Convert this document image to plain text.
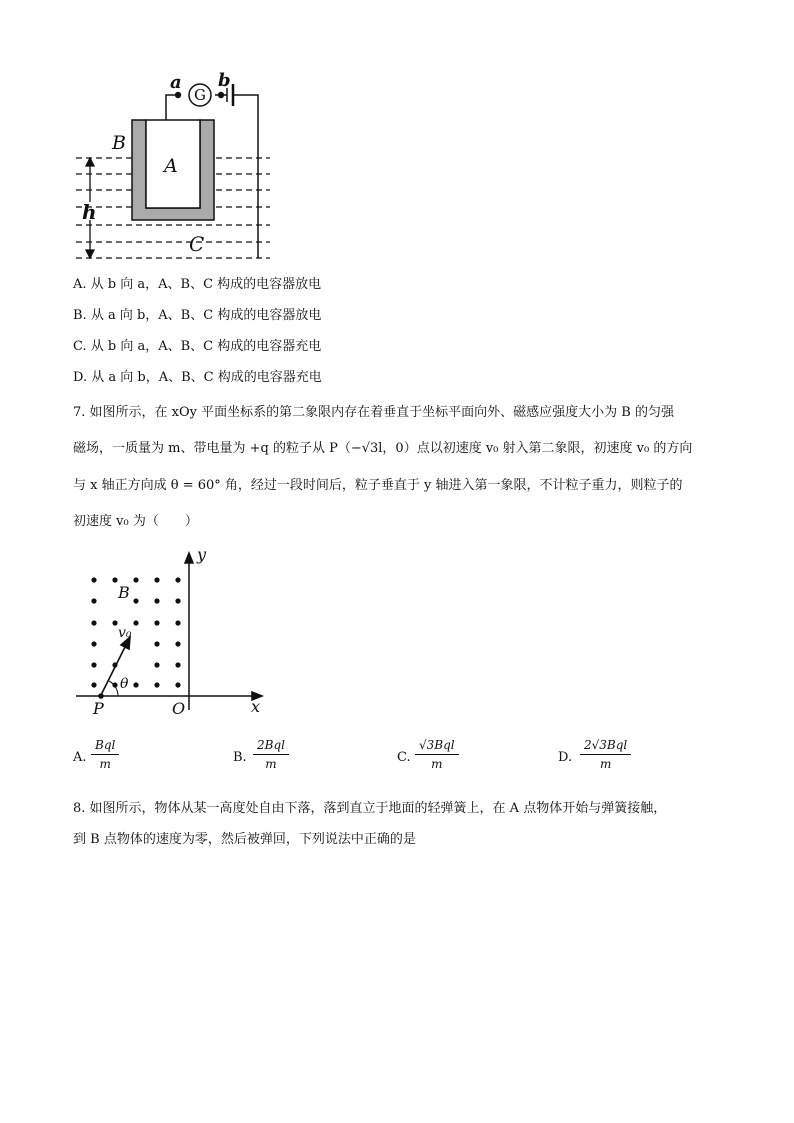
a
G
b
B
A
h
C
A. 从 b 向 a，A、B、C 构成的电容器放电
B. 从 a 向 b，A、B、C 构成的电容器放电
C. 从 b 向 a，A、B、C 构成的电容器充电
D. 从 a 向 b，A、B、C 构成的电容器充电
7. 如图所示，在 xOy 平面坐标系的第二象限内存在着垂直于坐标平面向外、磁感应强度大小为 B 的匀强
磁场，一质量为 m、带电量为 +q 的粒子从 P（−√3l，0）点以初速度 v₀ 射入第二象限，初速度 v₀ 的方向
与 x 轴正方向成 θ = 60° 角，经过一段时间后，粒子垂直于 y 轴进入第一象限，不计粒子重力，则粒子的
初速度 v₀ 为（　　）
y
x
B
v₀
θ
P	O
A.
Bql
m	B.
2Bql
m	C.
√3Bql
m	D.
2√3Bql
m
8. 如图所示，物体从某一高度处自由下落，落到直立于地面的轻弹簧上，在 A 点物体开始与弹簧接触，
到 B 点物体的速度为零，然后被弹回，下列说法中正确的是
